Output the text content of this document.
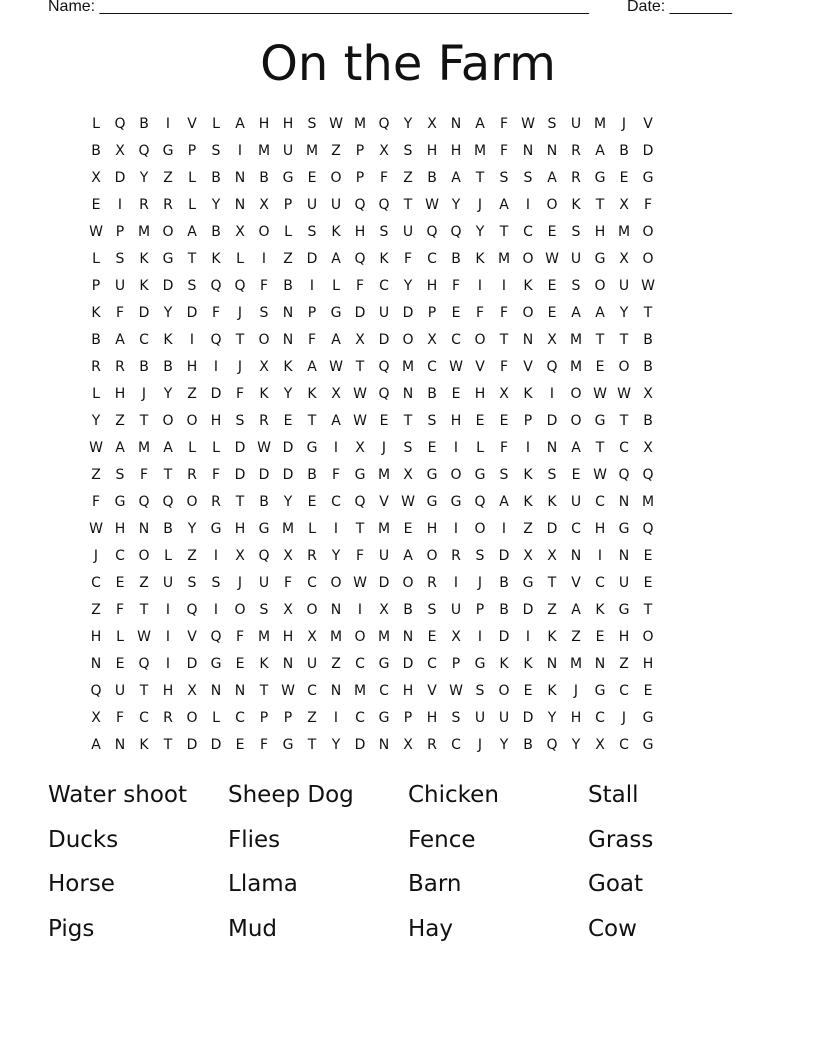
Name: _______________________________________________________ Date: _______
On the Farm
L	Q B	I	V	L	A H H	S W M Q	Y	X N A	F W S	U M	J	V
B	X Q G	P	S	I	M U M Z	P	X	S	H H M F	N N R	A	B D
X D	Y	Z	L	B N B G	E	O	P	F	Z	B	A	T	S	S	A	R G	E	G
E	I	R	R	L	Y	N X	P	U U Q Q	T W Y	J	A	I	O K	T	X	F
W P M O A	B	X O	L	S	K	H	S	U Q Q	Y	T	C	E	S	H M O
L	S	K G	T	K	L	I	Z D A Q K	F	C	B	K M O W U G X O
P	U	K	D	S	Q Q	F	B	I	L	F	C	Y	H	F	I	I	K	E	S	O U W
K	F	D	Y	D	F	J	S	N	P	G D U D	P	E	F	F	O	E	A	A	Y	T
B	A	C	K	I	Q	T	O N	F	A	X D O X	C O	T	N X M T	T	B
R	R	B	B H	I	J	X	K	A W T	Q M C W V	F	V Q M E	O B
L	H	J	Y	Z D	F	K	Y	K	X W Q N B	E	H X	K	I	O W W X
Y	Z	T	O O H	S	R	E	T	A W E	T	S	H	E	E	P	D O G	T	B
W A M A	L	L	D W D G	I	X	J	S	E	I	L	F	I	N A	T	C	X
Z	S	F	T	R	F	D D D B	F	G M X G O G	S	K	S	E W Q Q
F	G Q Q O R	T	B	Y	E	C Q V W G G Q A	K	K	U C N M
W H N B	Y	G H G M	L	I	T M E	H	I	O	I	Z D C H G Q
J	C O	L	Z	I	X Q X	R	Y	F	U	A O R	S	D X	X N	I	N	E
C	E	Z	U	S	S	J	U	F	C O W D O R	I	J	B G	T	V	C U	E
Z	F	T	I	Q	I	O	S	X O N	I	X	B	S	U	P	B D Z	A	K G	T
H	L W	I	V Q	F M H X M O M N	E	X	I	D	I	K	Z	E	H O
N	E	Q	I	D G	E	K	N U	Z	C G D C	P	G K	K	N M N Z H
Q U	T	H X N N	T W C N M C H V W S	O	E	K	J	G C	E
X	F	C	R O	L	C	P	P	Z	I	C G	P	H	S	U U D	Y	H C	J	G
A N	K	T	D D	E	F	G	T	Y	D N X	R	C	J	Y	B Q	Y	X	C G
Water shoot	Sheep Dog	Chicken	Stall
Ducks	Flies	Fence	Grass
Horse	Llama	Barn	Goat
Pigs	Mud	Hay	Cow
